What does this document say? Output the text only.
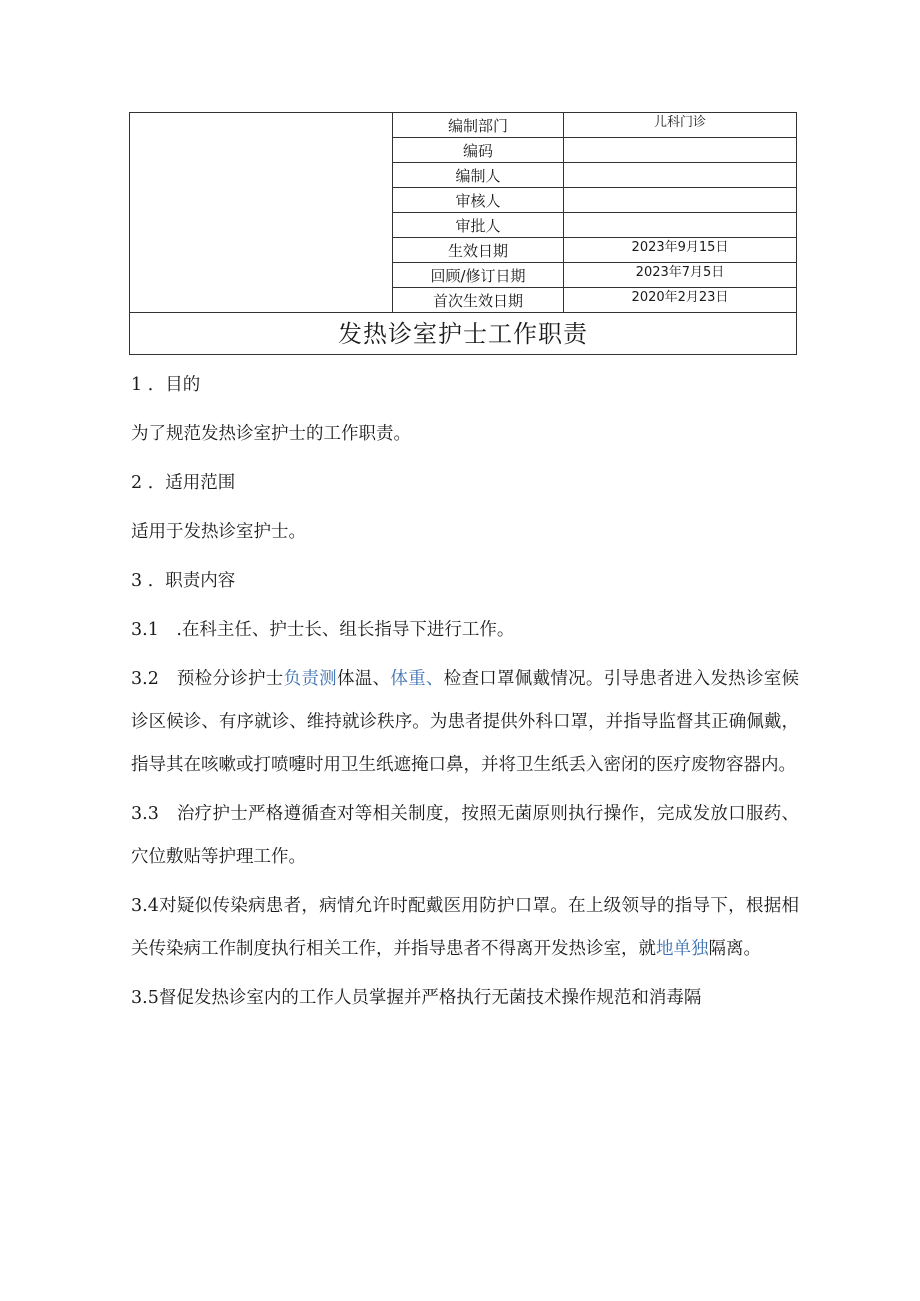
	编制部门	儿科门诊
	编码	
	编制人	
	审核人	
	审批人	
	生效日期	2023年9月15日
	回顾/修订日期	2023年7月5日
	首次生效日期	2020年2月23日
发热诊室护士工作职责		
1 ．目的
为了规范发热诊室护士的工作职责。
2 ．适用范围
适用于发热诊室护士。
3 ．职责内容
3.1　.在科主任、护士长、组长指导下进行工作。
3.2　预检分诊护士负责测体温、体重、检查口罩佩戴情况。引导患者进入发热诊室候诊区候诊、有序就诊、维持就诊秩序。为患者提供外科口罩，并指导监督其正确佩戴，指导其在咳嗽或打喷嚏时用卫生纸遮掩口鼻，并将卫生纸丢入密闭的医疗废物容器内。
3.3　治疗护士严格遵循查对等相关制度，按照无菌原则执行操作，完成发放口服药、穴位敷贴等护理工作。
3.4对疑似传染病患者，病情允许时配戴医用防护口罩。在上级领导的指导下，根据相关传染病工作制度执行相关工作，并指导患者不得离开发热诊室，就地单独隔离。
3.5督促发热诊室内的工作人员掌握并严格执行无菌技术操作规范和消毒隔
